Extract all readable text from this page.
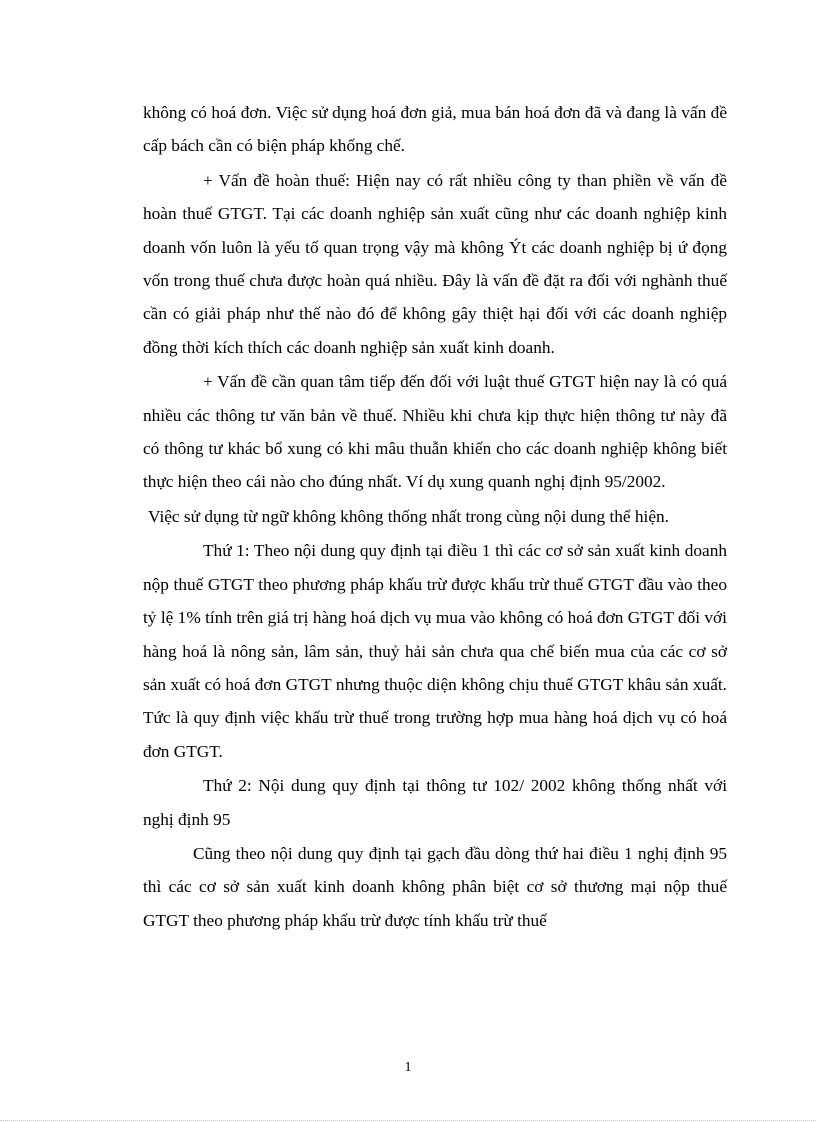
không có hoá đơn. Việc sử dụng hoá đơn giả, mua bán hoá đơn đã và đang là vấn đề cấp bách cần có biện pháp khống chế.

+ Vấn đề hoàn thuế: Hiện nay có rất nhiều công ty than phiền về vấn đề hoàn thuế GTGT. Tại các doanh nghiệp sản xuất cũng như các doanh nghiệp kinh doanh vốn luôn là yếu tố quan trọng vậy mà không Ýt các doanh nghiệp bị ứ đọng vốn trong thuế chưa được hoàn quá nhiều. Đây là vấn đề đặt ra đối với nghành thuế cần có giải pháp như thế nào đó để không gây thiệt hại đối với các doanh nghiệp đồng thời kích thích các doanh nghiệp sản xuất kinh doanh.

+ Vấn đề cần quan tâm tiếp đến đối với luật thuế GTGT hiện nay là có quá nhiều các thông tư văn bản về thuế. Nhiều khi chưa kịp thực hiện thông tư này đã có thông tư khác bổ xung có khi mâu thuẫn khiến cho các doanh nghiệp không biết thực hiện theo cái nào cho đúng nhất. Ví dụ xung quanh nghị định 95/2002.

Việc sử dụng từ ngữ không không thống nhất trong cùng nội dung thể hiện.

Thứ 1: Theo nội dung quy định tại điều 1 thì các cơ sở sản xuất kinh doanh nộp thuế GTGT theo phương pháp khấu trừ được khấu trừ thuế GTGT đầu vào theo tỷ lệ 1% tính trên giá trị hàng hoá dịch vụ mua vào không có hoá đơn GTGT đối với hàng hoá là nông sản, lâm sản, thuỷ hải sản chưa qua chế biến mua của các cơ sở sản xuất có hoá đơn GTGT nhưng thuộc diện không chịu thuế GTGT khâu sản xuất. Tức là quy định việc khấu trừ thuế trong trường hợp mua hàng hoá dịch vụ có hoá đơn GTGT.

Thứ 2: Nội dung quy định tại thông tư 102/ 2002 không thống nhất với nghị định 95

Cũng theo nội dung quy định tại gạch đầu dòng thứ hai điều 1 nghị định 95 thì các cơ sở sản xuất kinh doanh không phân biệt cơ sở thương mại nộp thuế GTGT theo phương pháp khấu trừ được tính khấu trừ thuế

1
